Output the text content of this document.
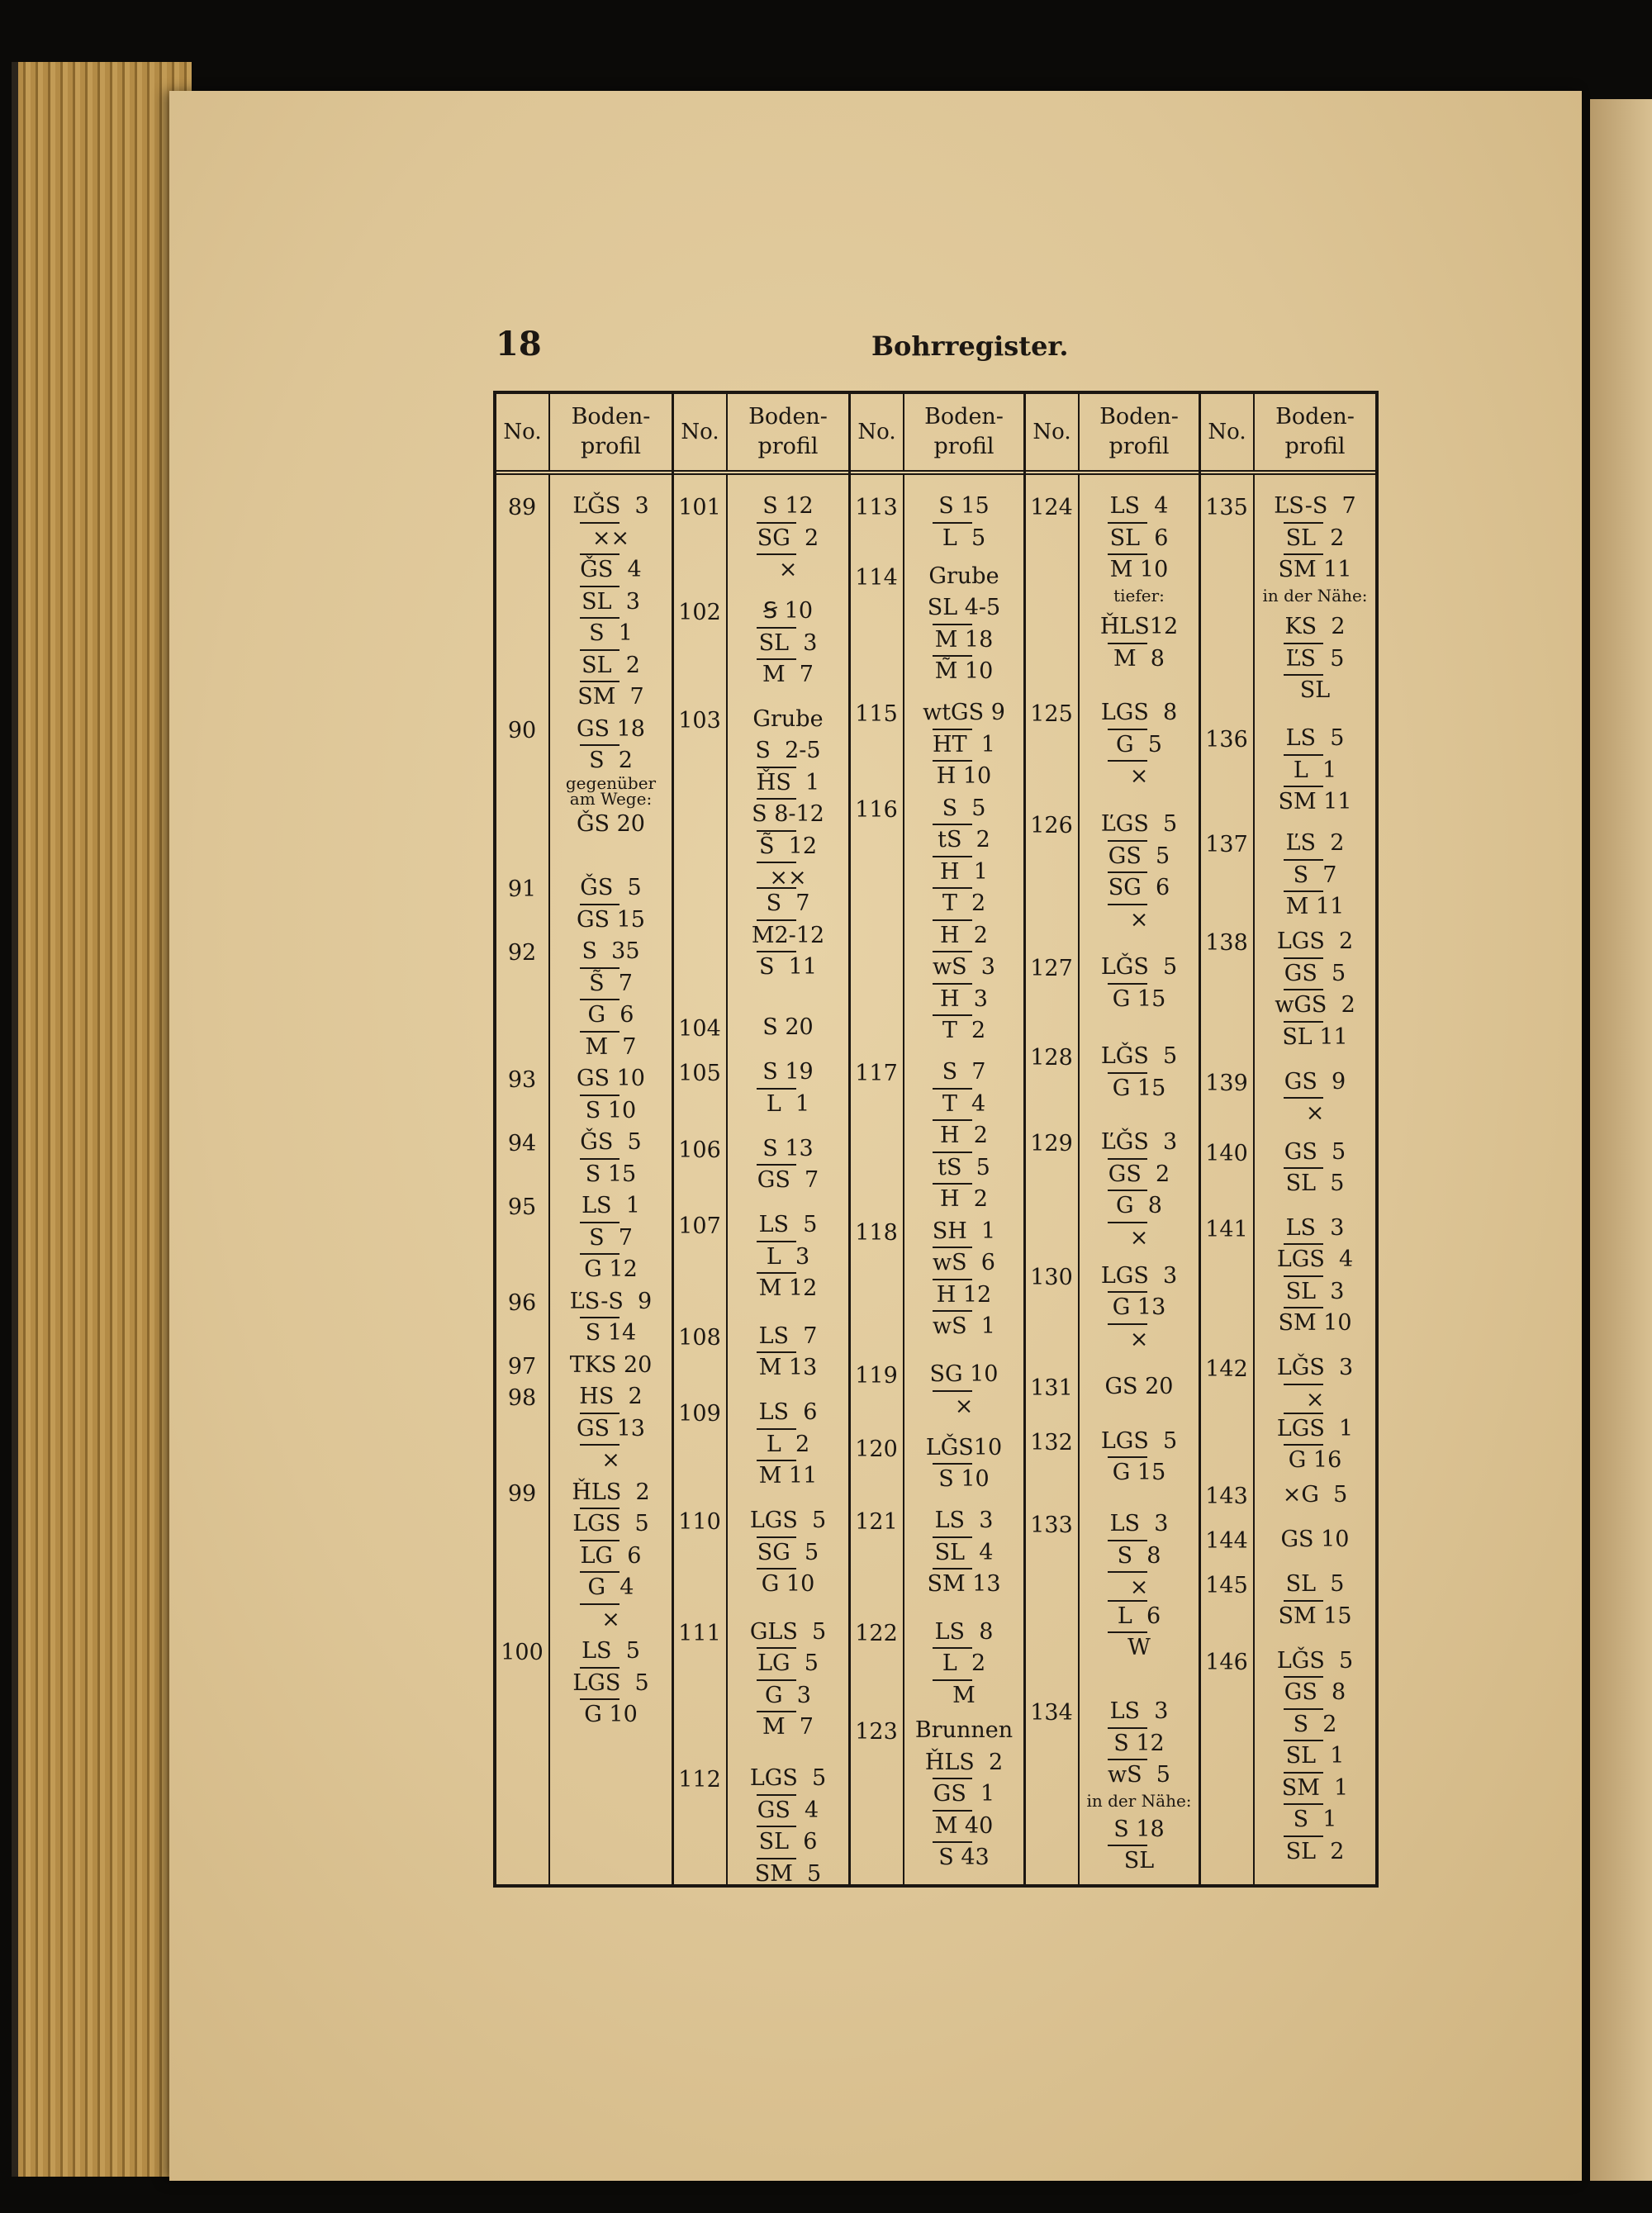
18	Bohrregister.
No.
Boden-
profil
89
90
91
92
93
94
95
96
97
98
99
100
ĽǦS  3
⨯⨯
ǦS  4
SL  3
S  1
SL  2
SM  7
GS 18
S  2
gegenüber
am Wege:
ǦS 20
ǦS  5
GS 15
S  35
S̃  7
G  6
M  7
GS 10
S 10
ǦS  5
S 15
LS  1
S  7
G 12
ĽS-S  9
S 14
TKS 20
HS  2
GS 13
⨯
ȞLS  2
LGS  5
LG  6
G  4
⨯
LS  5
LGS  5
G 10
No.
Boden-
profil
101
102
103
104
105
106
107
108
109
110
111
112
S 12
SG  2
⨯
Ꞩ 10
SL  3
M  7
Grube
S  2-5
ȞS  1
S 8-12
S̃  12
⨯⨯
S  7
M2-12
S  11
S 20
S 19
L  1
S 13
GS  7
LS  5
L  3
M 12
LS  7
M 13
LS  6
L  2
M 11
LGS  5
SG  5
G 10
GLS  5
LG  5
G  3
M  7
LGS  5
GS  4
SL  6
SM  5
No.
Boden-
profil
113
114
115
116
117
118
119
120
121
122
123
S 15
L  5
Grube
SL 4-5
M 18
M̃ 10
wtGS 9
HT  1
H 10
S  5
tS  2
H  1
T  2
H  2
wS  3
H  3
T  2
S  7
T  4
H  2
tS  5
H  2
SH  1
wS  6
H 12
wS  1
SG 10
⨯
LǦS10
S 10
LS  3
SL  4
SM 13
LS  8
L  2
M
Brunnen
ȞLS  2
GS  1
M 40
S 43
No.
Boden-
profil
124
125
126
127
128
129
130
131
132
133
134
LS  4
SL  6
M 10
tiefer:
ȞLS12
M  8
LGS  8
G  5
⨯
ĽGS  5
GS  5
SG  6
⨯
LǦS  5
G 15
LǦS  5
G 15
ĽǦS  3
GS  2
G  8
⨯
LGS  3
G 13
⨯
GS 20
LGS  5
G 15
LS  3
S  8
⨯
L  6
W
LS  3
S 12
wS  5
in der Nähe:
S 18
SL
No.
Boden-
profil
135
136
137
138
139
140
141
142
143
144
145
146
ĽS-S  7
SL  2
SM 11
in der Nähe:
KS  2
ĽS  5
SL
LS  5
L  1
SM 11
ĽS  2
S  7
M 11
LGS  2
GS  5
wGS  2
SL 11
GS  9
⨯
GS  5
SL  5
LS  3
LGS  4
SL  3
SM 10
LǦS  3
⨯
LGS  1
G 16
⨯G  5
GS 10
SL  5
SM 15
LǦS  5
GS  8
S  2
SL  1
SM  1
S  1
SL  2
